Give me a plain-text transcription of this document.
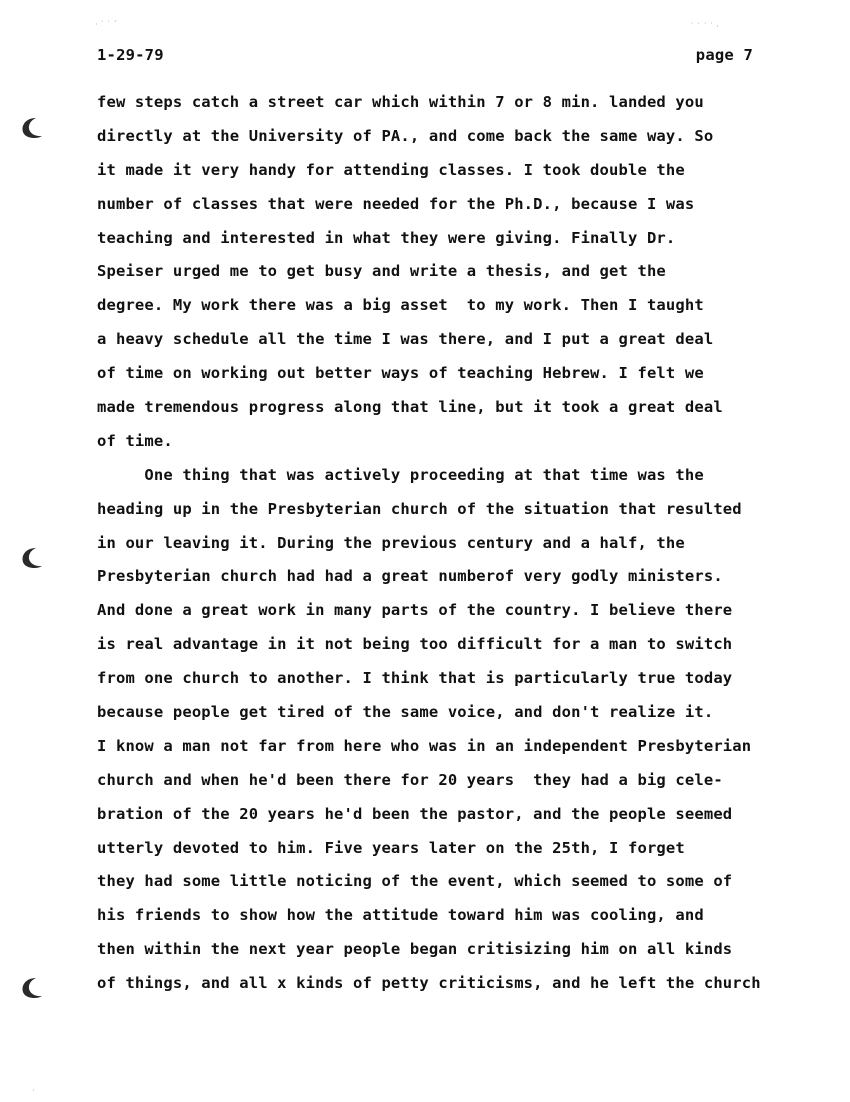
· ˙ ˙ ´	˙ ˙ ˙ ˙ ·
1-29-79	page 7
few steps catch a street car which within 7 or 8 min. landed you
directly at the University of PA., and come back the same way. So
it made it very handy for attending classes. I took double the
number of classes that were needed for the Ph.D., because I was
teaching and interested in what they were giving. Finally Dr.
Speiser urged me to get busy and write a thesis, and get the
degree. My work there was a big asset  to my work. Then I taught
a heavy schedule all the time I was there, and I put a great deal
of time on working out better ways of teaching Hebrew. I felt we
made tremendous progress along that line, but it took a great deal
of time.
One thing that was actively proceeding at that time was the
heading up in the Presbyterian church of the situation that resulted
in our leaving it. During the previous century and a half, the
Presbyterian church had had a great numberof very godly ministers.
And done a great work in many parts of the country. I believe there
is real advantage in it not being too difficult for a man to switch
from one church to another. I think that is particularly true today
because people get tired of the same voice, and don't realize it.
I know a man not far from here who was in an independent Presbyterian
church and when he'd been there for 20 years  they had a big cele-
bration of the 20 years he'd been the pastor, and the people seemed
utterly devoted to him. Five years later on the 25th, I forget
they had some little noticing of the event, which seemed to some of
his friends to show how the attitude toward him was cooling, and
then within the next year people began critisizing him on all kinds
of things, and all x kinds of petty criticisms, and he left the church
·
